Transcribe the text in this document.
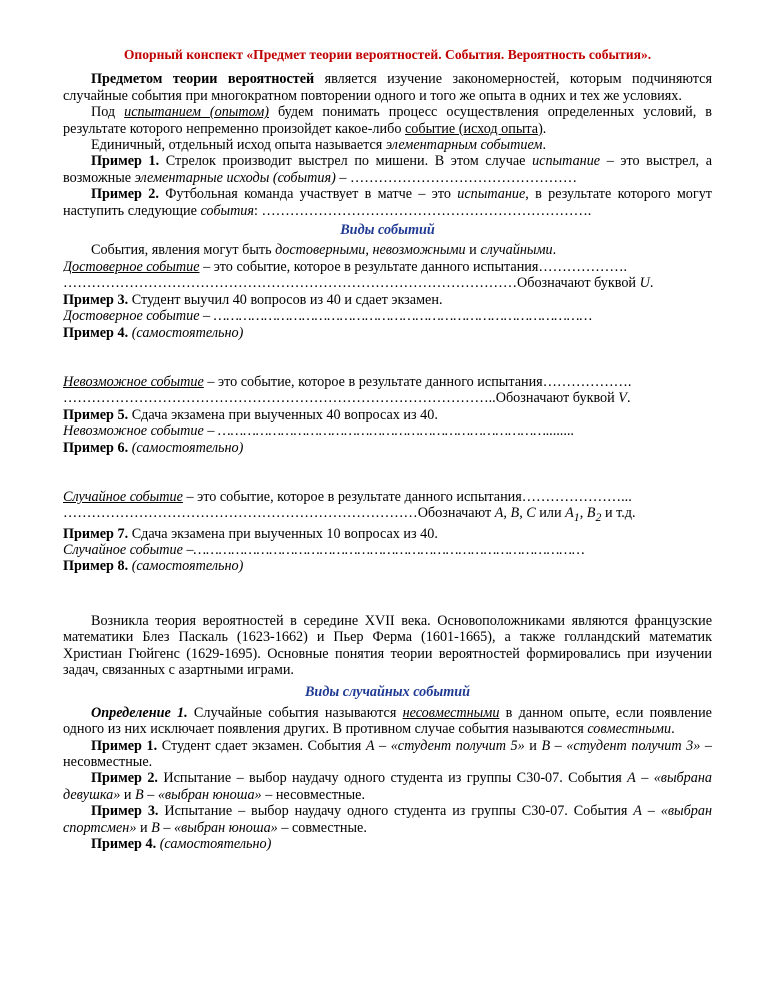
Опорный конспект «Предмет теории вероятностей. События. Вероятность события».

Предметом теории вероятностей является изучение закономерностей, которым подчиняются случайные события при многократном повторении одного и того же опыта в одних и тех же условиях.

Под испытанием (опытом) будем понимать процесс осуществления определенных условий, в результате которого непременно произойдет какое-либо событие (исход опыта).

Единичный, отдельный исход опыта называется элементарным событием.

Пример 1. Стрелок производит выстрел по мишени. В этом случае испытание – это выстрел, а возможные элементарные исходы (события) – …………………………………………

Пример 2. Футбольная команда участвует в матче – это испытание, в результате которого могут наступить следующие события: …………………………………………………………….

Виды событий

События, явления могут быть достоверными, невозможными и случайными.

Достоверное событие – это событие, которое в результате данного испытания……………….

……………………………………………………………………………………Обозначают буквой U.

Пример 3. Студент выучил 40 вопросов из 40 и сдает экзамен.

Достоверное событие – ………………………………………………………………………………

Пример 4. (самостоятельно)

Невозможное событие – это событие, которое в результате данного испытания……………….

………………………………………………………………………………..Обозначают буквой V.

Пример 5. Сдача экзамена при выученных 40 вопросах из 40.

Невозможное событие – ……………………………………………………………………........

Пример 6. (самостоятельно)

Случайное событие – это событие, которое в результате данного испытания…………………...

…………………………………………………………………Обозначают A, B, C или $A_1$, $B_2$ и т.д.

Пример 7. Сдача экзамена при выученных 10 вопросах из 40.

Случайное событие –…………………………………………………………………………………

Пример 8. (самостоятельно)

Возникла теория вероятностей в середине XVII века. Основоположниками являются французские математики Блез Паскаль (1623-1662) и Пьер Ферма (1601-1665), а также голландский математик Христиан Гюйгенс (1629-1695). Основные понятия теории вероятностей формировались при изучении задач, связанных с азартными играми.

Виды случайных событий

Определение 1. Случайные события называются несовместными в данном опыте, если появление одного из них исключает появления других. В противном случае события называются совместными.

Пример 1. Студент сдает экзамен. События А – «студент получит 5» и В – «студент получит 3» – несовместные.

Пример 2. Испытание – выбор наудачу одного студента из группы С30-07. События А – «выбрана девушка» и В – «выбран юноша» – несовместные.

Пример 3. Испытание – выбор наудачу одного студента из группы С30-07. События А – «выбран спортсмен» и В – «выбран юноша» – совместные.

Пример 4. (самостоятельно)
